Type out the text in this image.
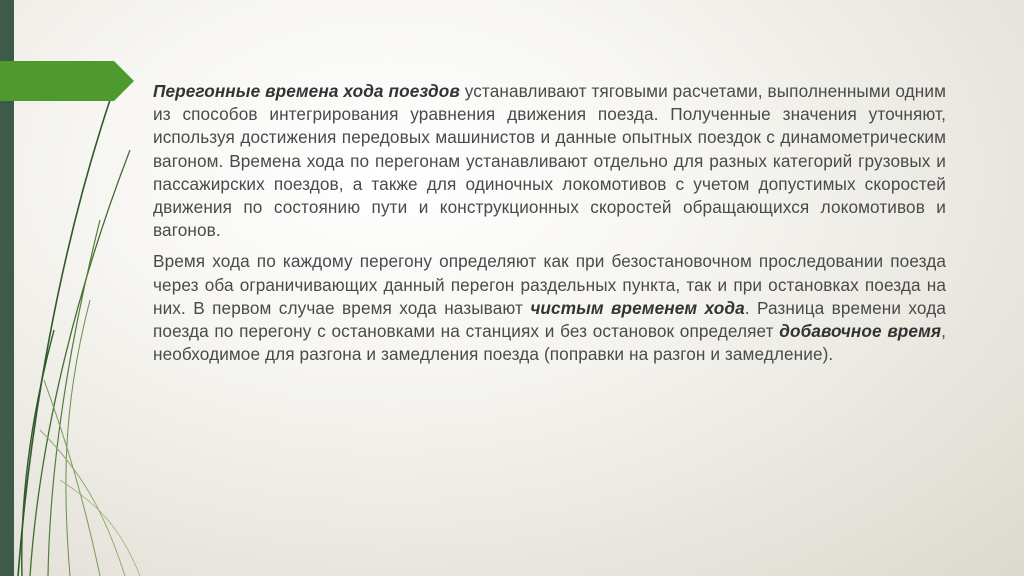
Перегонные времена хода поездов устанавливают тяговыми расчетами, выполненными одним из способов интегрирования уравнения движения поезда. Полученные значения уточняют, используя достижения передовых машинистов и данные опытных поездок с динамометрическим вагоном. Времена хода по перегонам устанавливают отдельно для разных категорий грузовых и пассажирских поездов, а также для одиночных локомотивов с учетом допустимых скоростей движения по состоянию пути и конструкционных скоростей обращающихся локомотивов и вагонов.

Время хода по каждому перегону определяют как при безостановочном проследовании поезда через оба ограничивающих данный перегон раздельных пункта, так и при остановках поезда на них. В первом случае время хода называют чистым временем хода. Разница времени хода поезда по перегону с остановками на станциях и без остановок определяет добавочное время, необходимое для разгона и замедления поезда (поправки на разгон и замедление).
